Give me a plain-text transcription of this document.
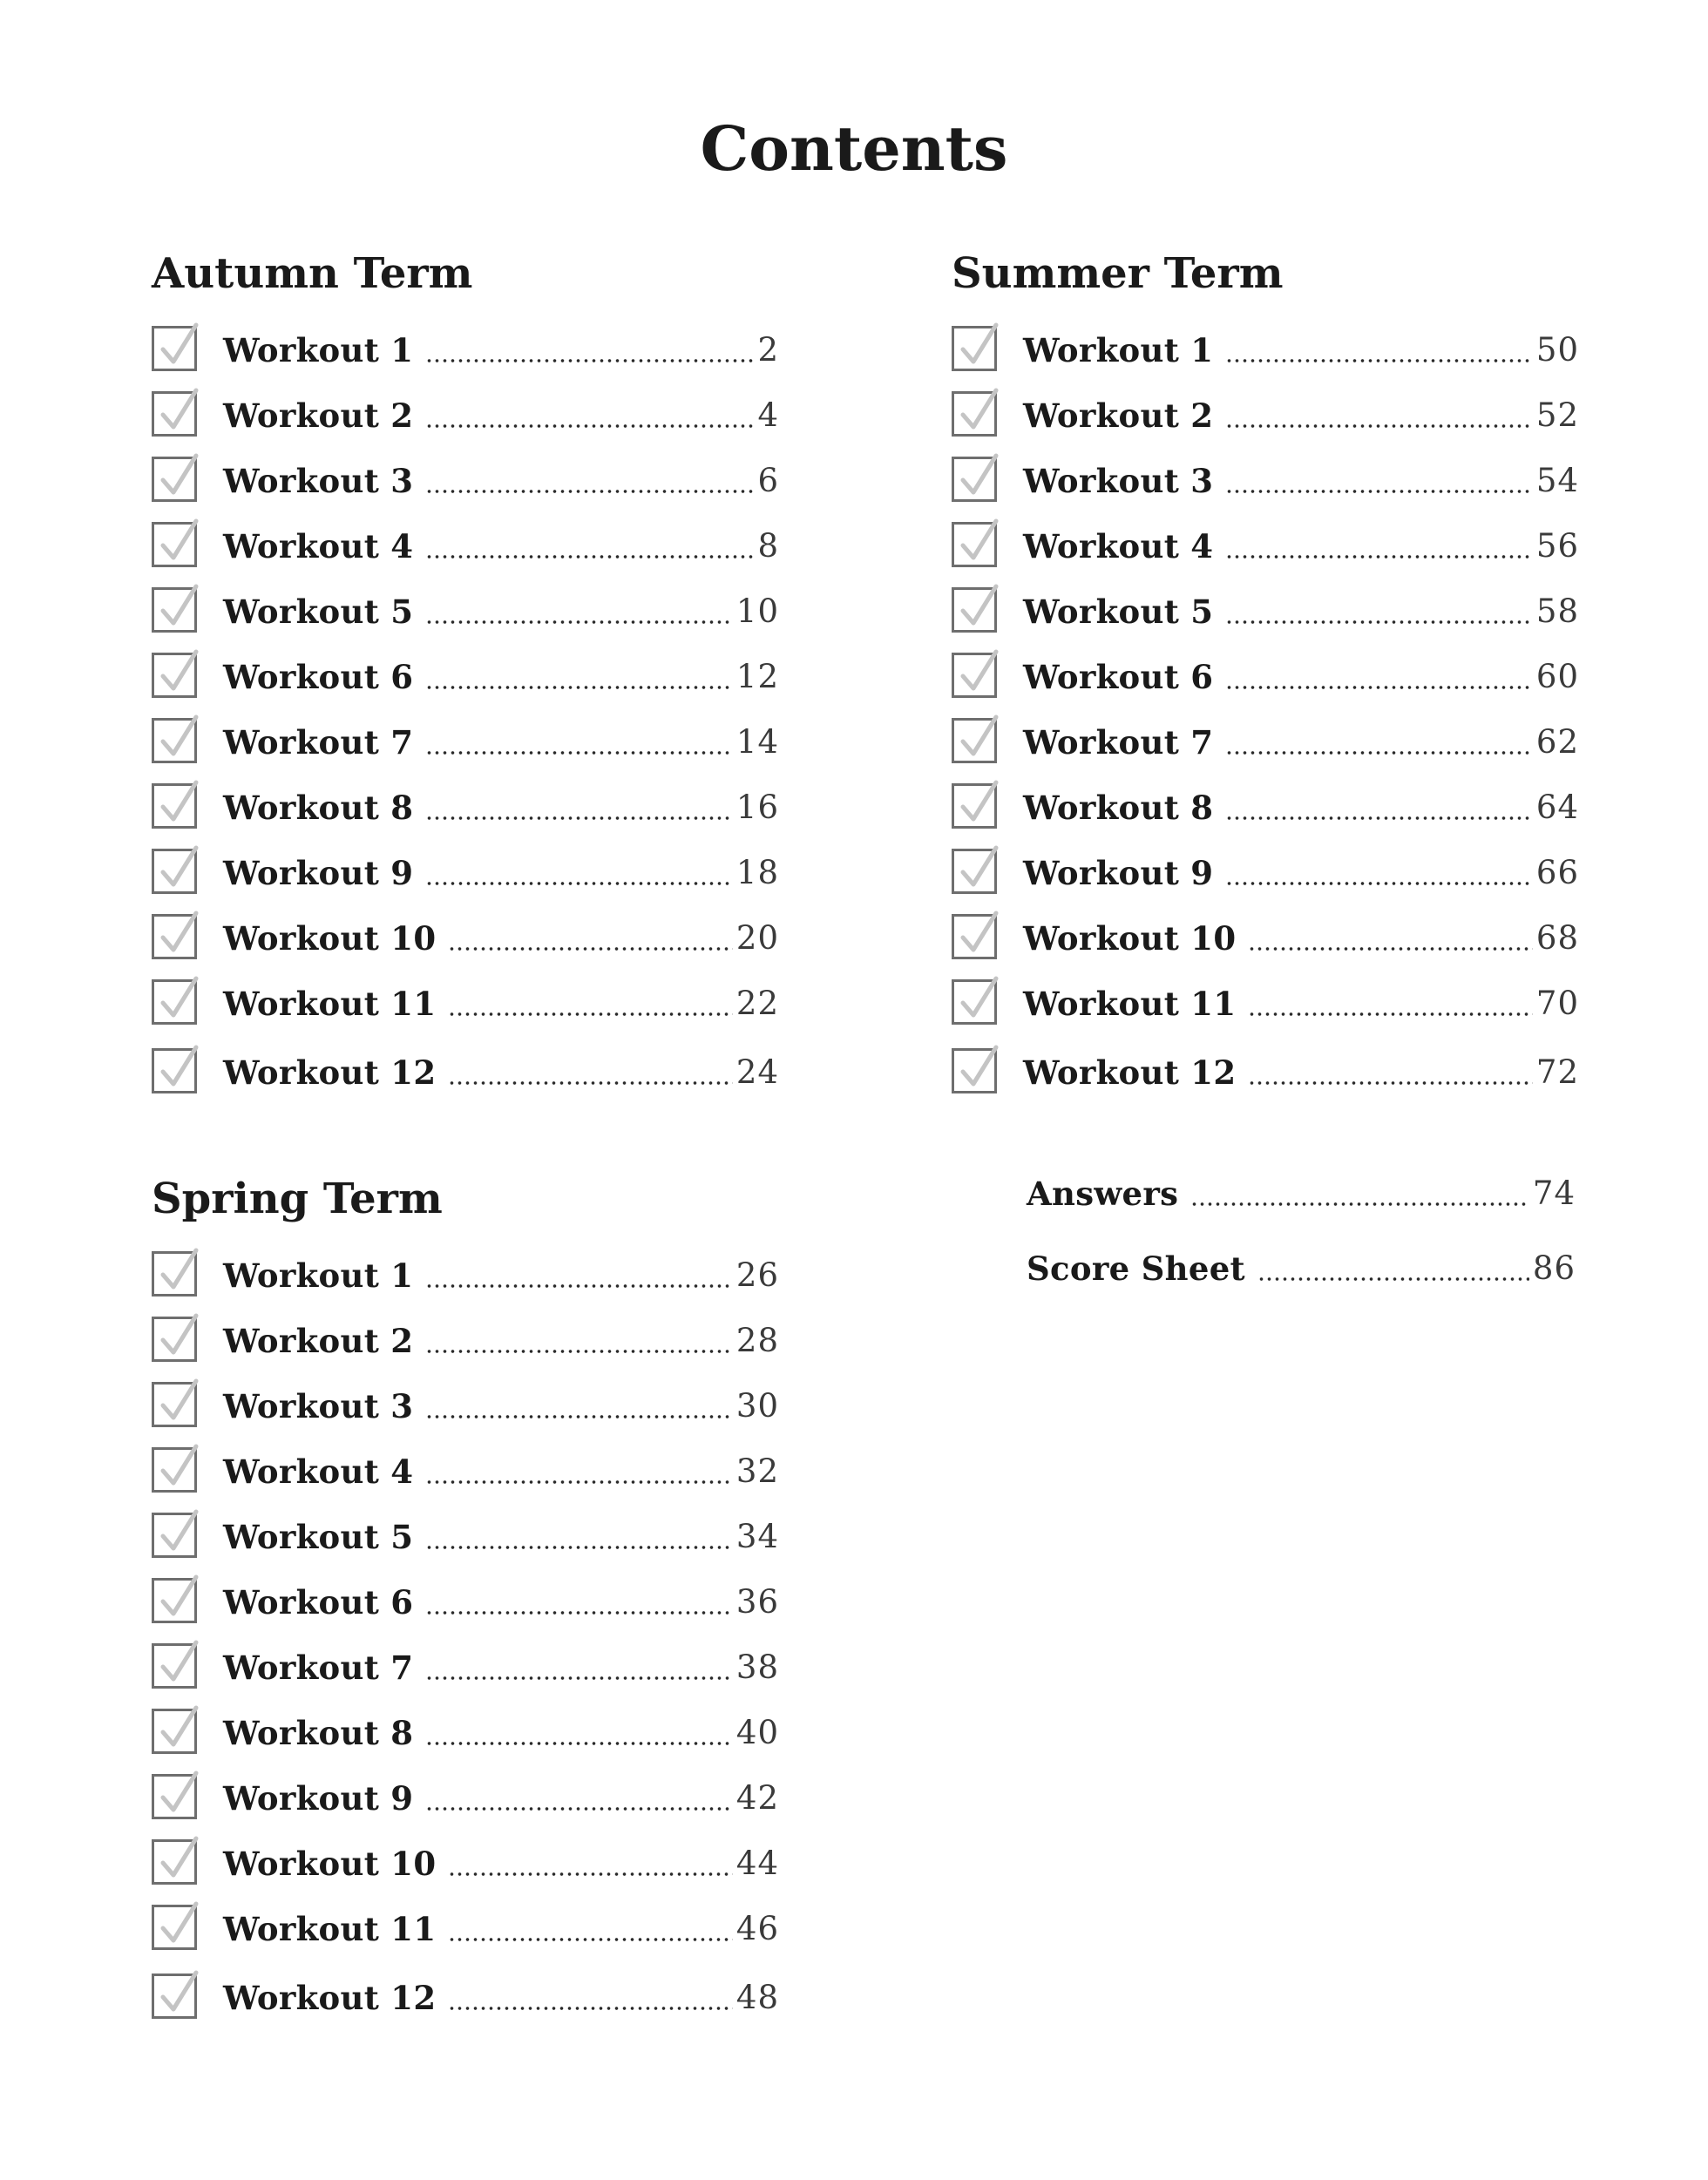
Contents
Autumn Term
Workout 1	2
Workout 2	4
Workout 3	6
Workout 4	8
Workout 5	10
Workout 6	12
Workout 7	14
Workout 8	16
Workout 9	18
Workout 10	20
Workout 11	22
Workout 12	24
Spring Term
Workout 1	26
Workout 2	28
Workout 3	30
Workout 4	32
Workout 5	34
Workout 6	36
Workout 7	38
Workout 8	40
Workout 9	42
Workout 10	44
Workout 11	46
Workout 12	48
Summer Term
Workout 1	50
Workout 2	52
Workout 3	54
Workout 4	56
Workout 5	58
Workout 6	60
Workout 7	62
Workout 8	64
Workout 9	66
Workout 10	68
Workout 11	70
Workout 12	72
Answers	74
Score Sheet	86
